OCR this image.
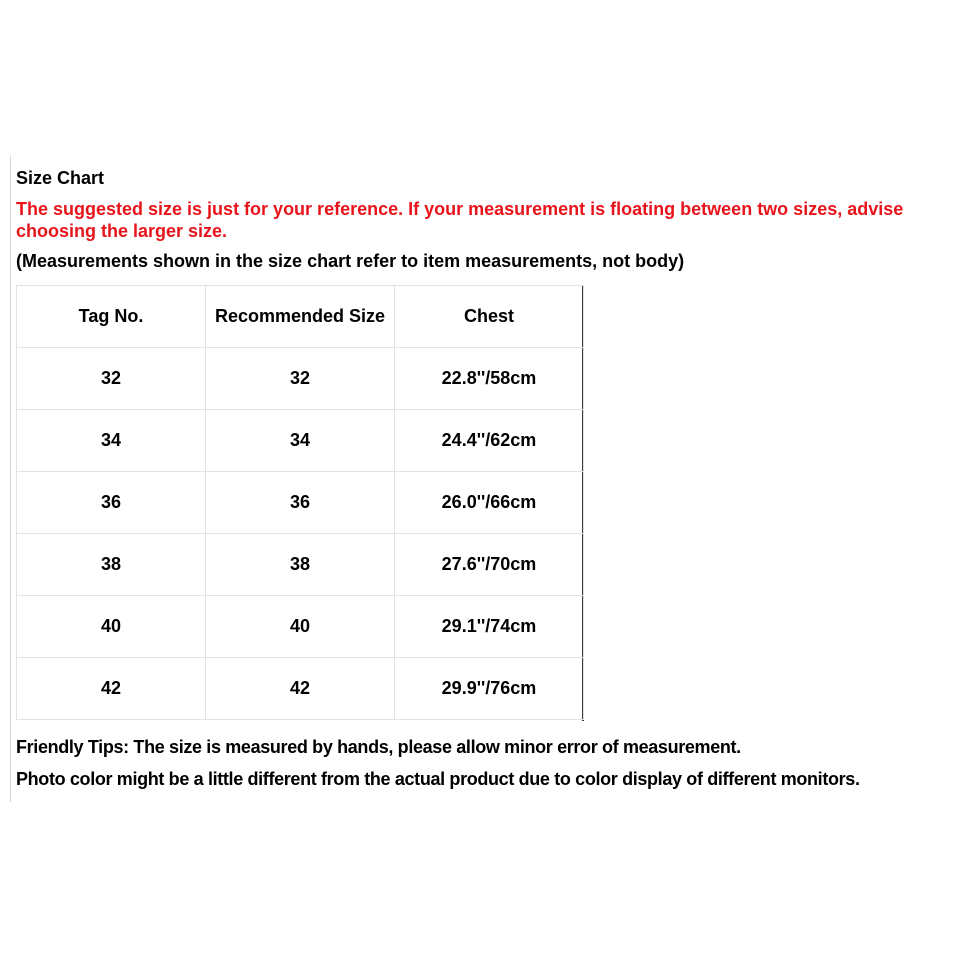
Size Chart
The suggested size is just for your reference. If your measurement is floating between two sizes, advise choosing the larger size.
(Measurements shown in the size chart refer to item measurements, not body)
Tag No.	Recommended Size	Chest
32	32	22.8''/58cm
34	34	24.4''/62cm
36	36	26.0''/66cm
38	38	27.6''/70cm
40	40	29.1''/74cm
42	42	29.9''/76cm

Friendly Tips: The size is measured by hands, please allow minor error of measurement.

Photo color might be a little different from the actual product due to color display of different monitors.
